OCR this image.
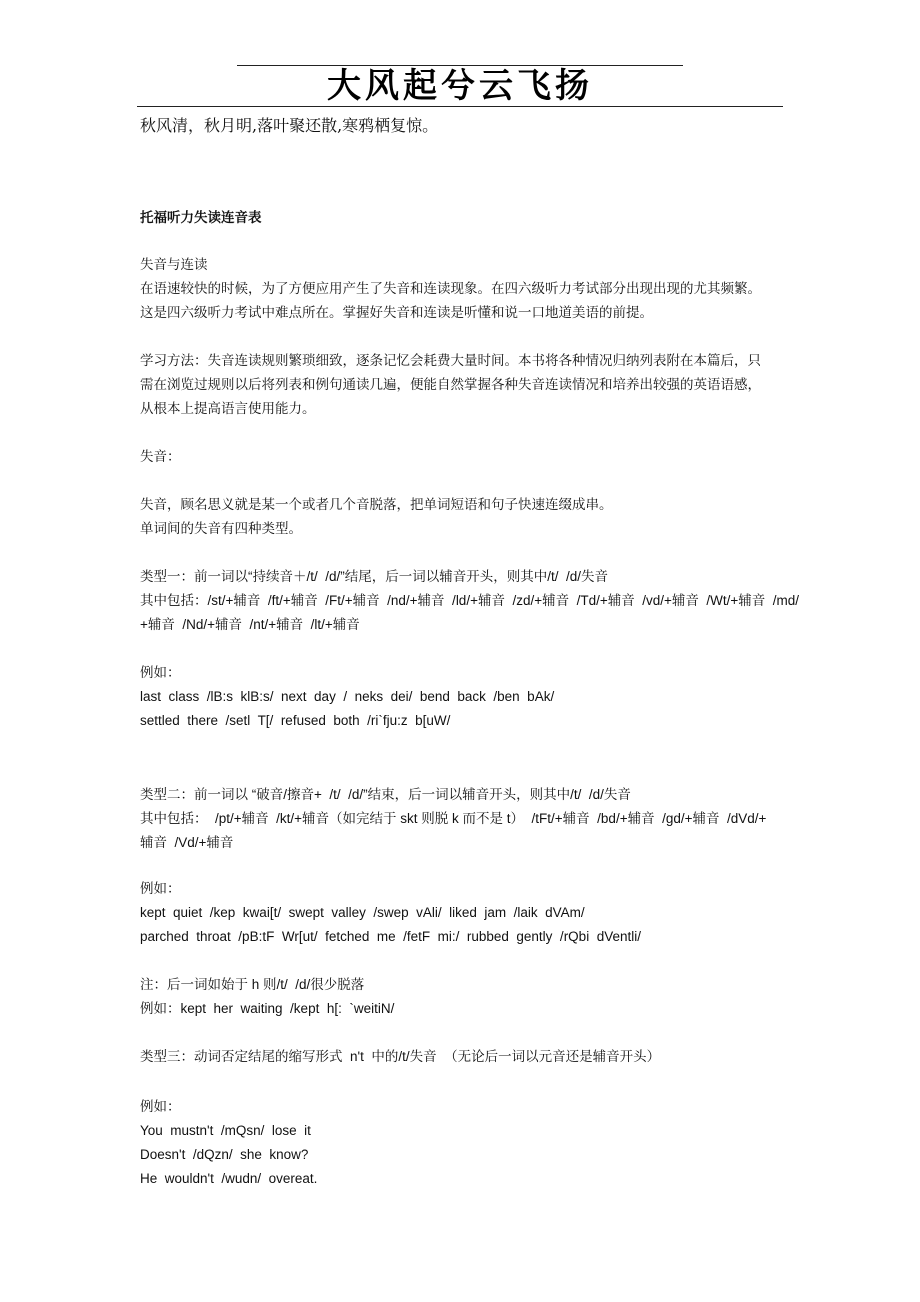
大风起兮云飞扬
秋风清，秋月明,落叶聚还散,寒鸦栖复惊。
托福听力失读连音表
失音与连读
在语速较快的时候，为了方便应用产生了失音和连读现象。在四六级听力考试部分出现出现的尤其频繁。
这是四六级听力考试中难点所在。掌握好失音和连读是听懂和说一口地道美语的前提。
学习方法：失音连读规则繁琐细致，逐条记忆会耗费大量时间。本书将各种情况归纳列表附在本篇后，只
需在浏览过规则以后将列表和例句通读几遍，便能自然掌握各种失音连读情况和培养出较强的英语语感，
从根本上提高语言使用能力。
失音：
失音，顾名思义就是某一个或者几个音脱落，把单词短语和句子快速连缀成串。
单词间的失音有四种类型。
类型一：前一词以“持续音＋/t/  /d/”结尾，后一词以辅音开头，则其中/t/  /d/失音
其中包括：/st/+辅音  /ft/+辅音  /Ft/+辅音  /nd/+辅音  /ld/+辅音  /zd/+辅音  /Td/+辅音  /vd/+辅音  /Wt/+辅音  /md/
+辅音  /Nd/+辅音  /nt/+辅音  /lt/+辅音
例如：
last  class  /lB:s  klB:s/  next  day  /  neks  dei/  bend  back  /ben  bAk/
settled  there  /setl  T[/  refused  both  /ri`fju:z  b[uW/
类型二：前一词以 “破音/擦音+  /t/  /d/”结束，后一词以辅音开头，则其中/t/  /d/失音
其中包括：  /pt/+辅音  /kt/+辅音（如完结于 skt 则脱 k 而不是 t）  /tFt/+辅音  /bd/+辅音  /gd/+辅音  /dVd/+
辅音  /Vd/+辅音
例如：
kept  quiet  /kep  kwai[t/  swept  valley  /swep  vAli/  liked  jam  /laik  dVAm/
parched  throat  /pB:tF  Wr[ut/  fetched  me  /fetF  mi:/  rubbed  gently  /rQbi  dVentli/
注：后一词如始于 h 则/t/  /d/很少脱落
例如：kept  her  waiting  /kept  h[:  `weitiN/
类型三：动词否定结尾的缩写形式  n't  中的/t/失音  （无论后一词以元音还是辅音开头）
例如：
You  mustn't  /mQsn/  lose  it
Doesn't  /dQzn/  she  know?
He  wouldn't  /wudn/  overeat.
